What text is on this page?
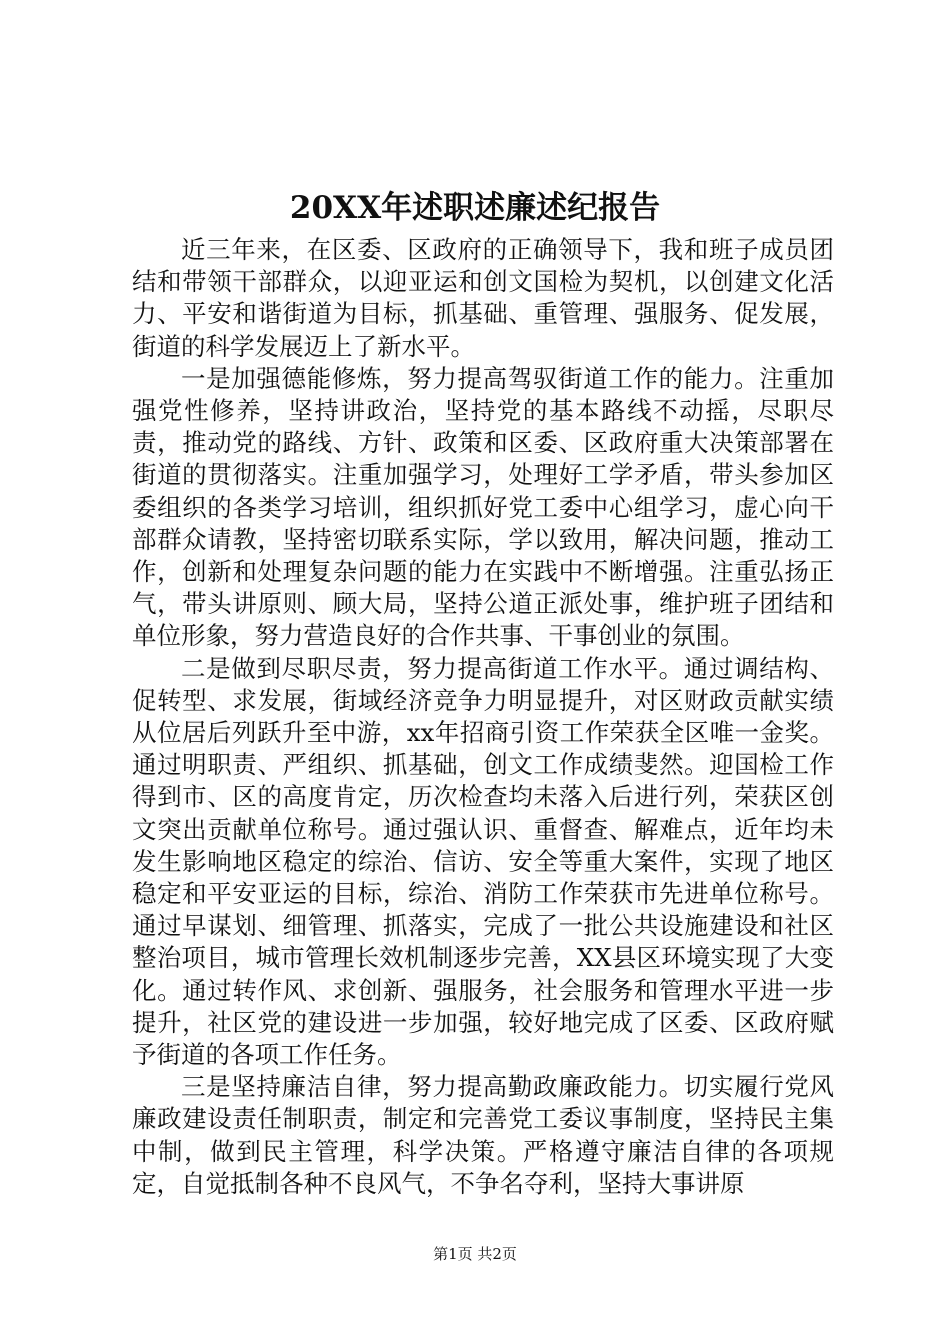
20XX年述职述廉述纪报告

近三年来，在区委、区政府的正确领导下，我和班子成员团结和带领干部群众，以迎亚运和创文国检为契机，以创建文化活力、平安和谐街道为目标，抓基础、重管理、强服务、促发展，街道的科学发展迈上了新水平。

一是加强德能修炼，努力提高驾驭街道工作的能力。注重加强党性修养，坚持讲政治，坚持党的基本路线不动摇，尽职尽责，推动党的路线、方针、政策和区委、区政府重大决策部署在街道的贯彻落实。注重加强学习，处理好工学矛盾，带头参加区委组织的各类学习培训，组织抓好党工委中心组学习，虚心向干部群众请教，坚持密切联系实际，学以致用，解决问题，推动工作，创新和处理复杂问题的能力在实践中不断增强。注重弘扬正气，带头讲原则、顾大局，坚持公道正派处事，维护班子团结和单位形象，努力营造良好的合作共事、干事创业的氛围。

二是做到尽职尽责，努力提高街道工作水平。通过调结构、促转型、求发展，街域经济竞争力明显提升，对区财政贡献实绩从位居后列跃升至中游，xx年招商引资工作荣获全区唯一金奖。通过明职责、严组织、抓基础，创文工作成绩斐然。迎国检工作得到市、区的高度肯定，历次检查均未落入后进行列，荣获区创文突出贡献单位称号。通过强认识、重督查、解难点，近年均未发生影响地区稳定的综治、信访、安全等重大案件，实现了地区稳定和平安亚运的目标，综治、消防工作荣获市先进单位称号。通过早谋划、细管理、抓落实，完成了一批公共设施建设和社区整治项目，城市管理长效机制逐步完善，XX县区环境实现了大变化。通过转作风、求创新、强服务，社会服务和管理水平进一步提升，社区党的建设进一步加强，较好地完成了区委、区政府赋予街道的各项工作任务。

三是坚持廉洁自律，努力提高勤政廉政能力。切实履行党风廉政建设责任制职责，制定和完善党工委议事制度，坚持民主集中制，做到民主管理，科学决策。严格遵守廉洁自律的各项规定，自觉抵制各种不良风气，不争名夺利，坚持大事讲原

第1页 共2页
